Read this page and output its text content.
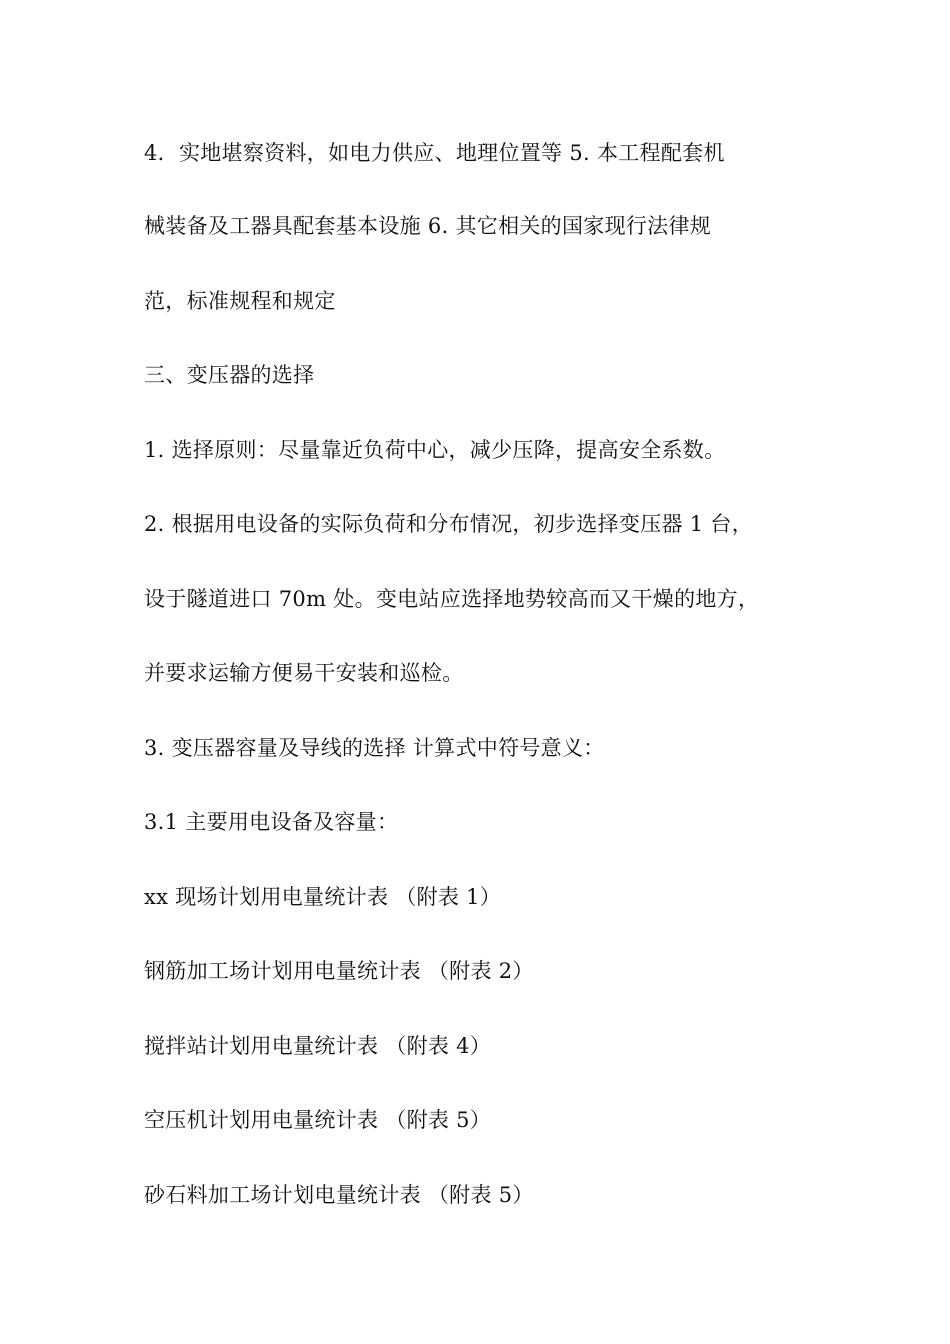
4．实地堪察资料，如电力供应、地理位置等 5. 本工程配套机
械装备及工器具配套基本设施 6. 其它相关的国家现行法律规
范，标准规程和规定
三、变压器的选择
1. 选择原则：尽量靠近负荷中心，减少压降，提高安全系数。
2. 根据用电设备的实际负荷和分布情况，初步选择变压器 1 台，
设于隧道进口 70m 处。变电站应选择地势较高而又干燥的地方，
并要求运输方便易干安装和巡检。
3. 变压器容量及导线的选择 计算式中符号意义：
3.1 主要用电设备及容量：
xx 现场计划用电量统计表 （附表 1）
钢筋加工场计划用电量统计表 （附表 2）
搅拌站计划用电量统计表 （附表 4）
空压机计划用电量统计表 （附表 5）
砂石料加工场计划电量统计表 （附表 5）
